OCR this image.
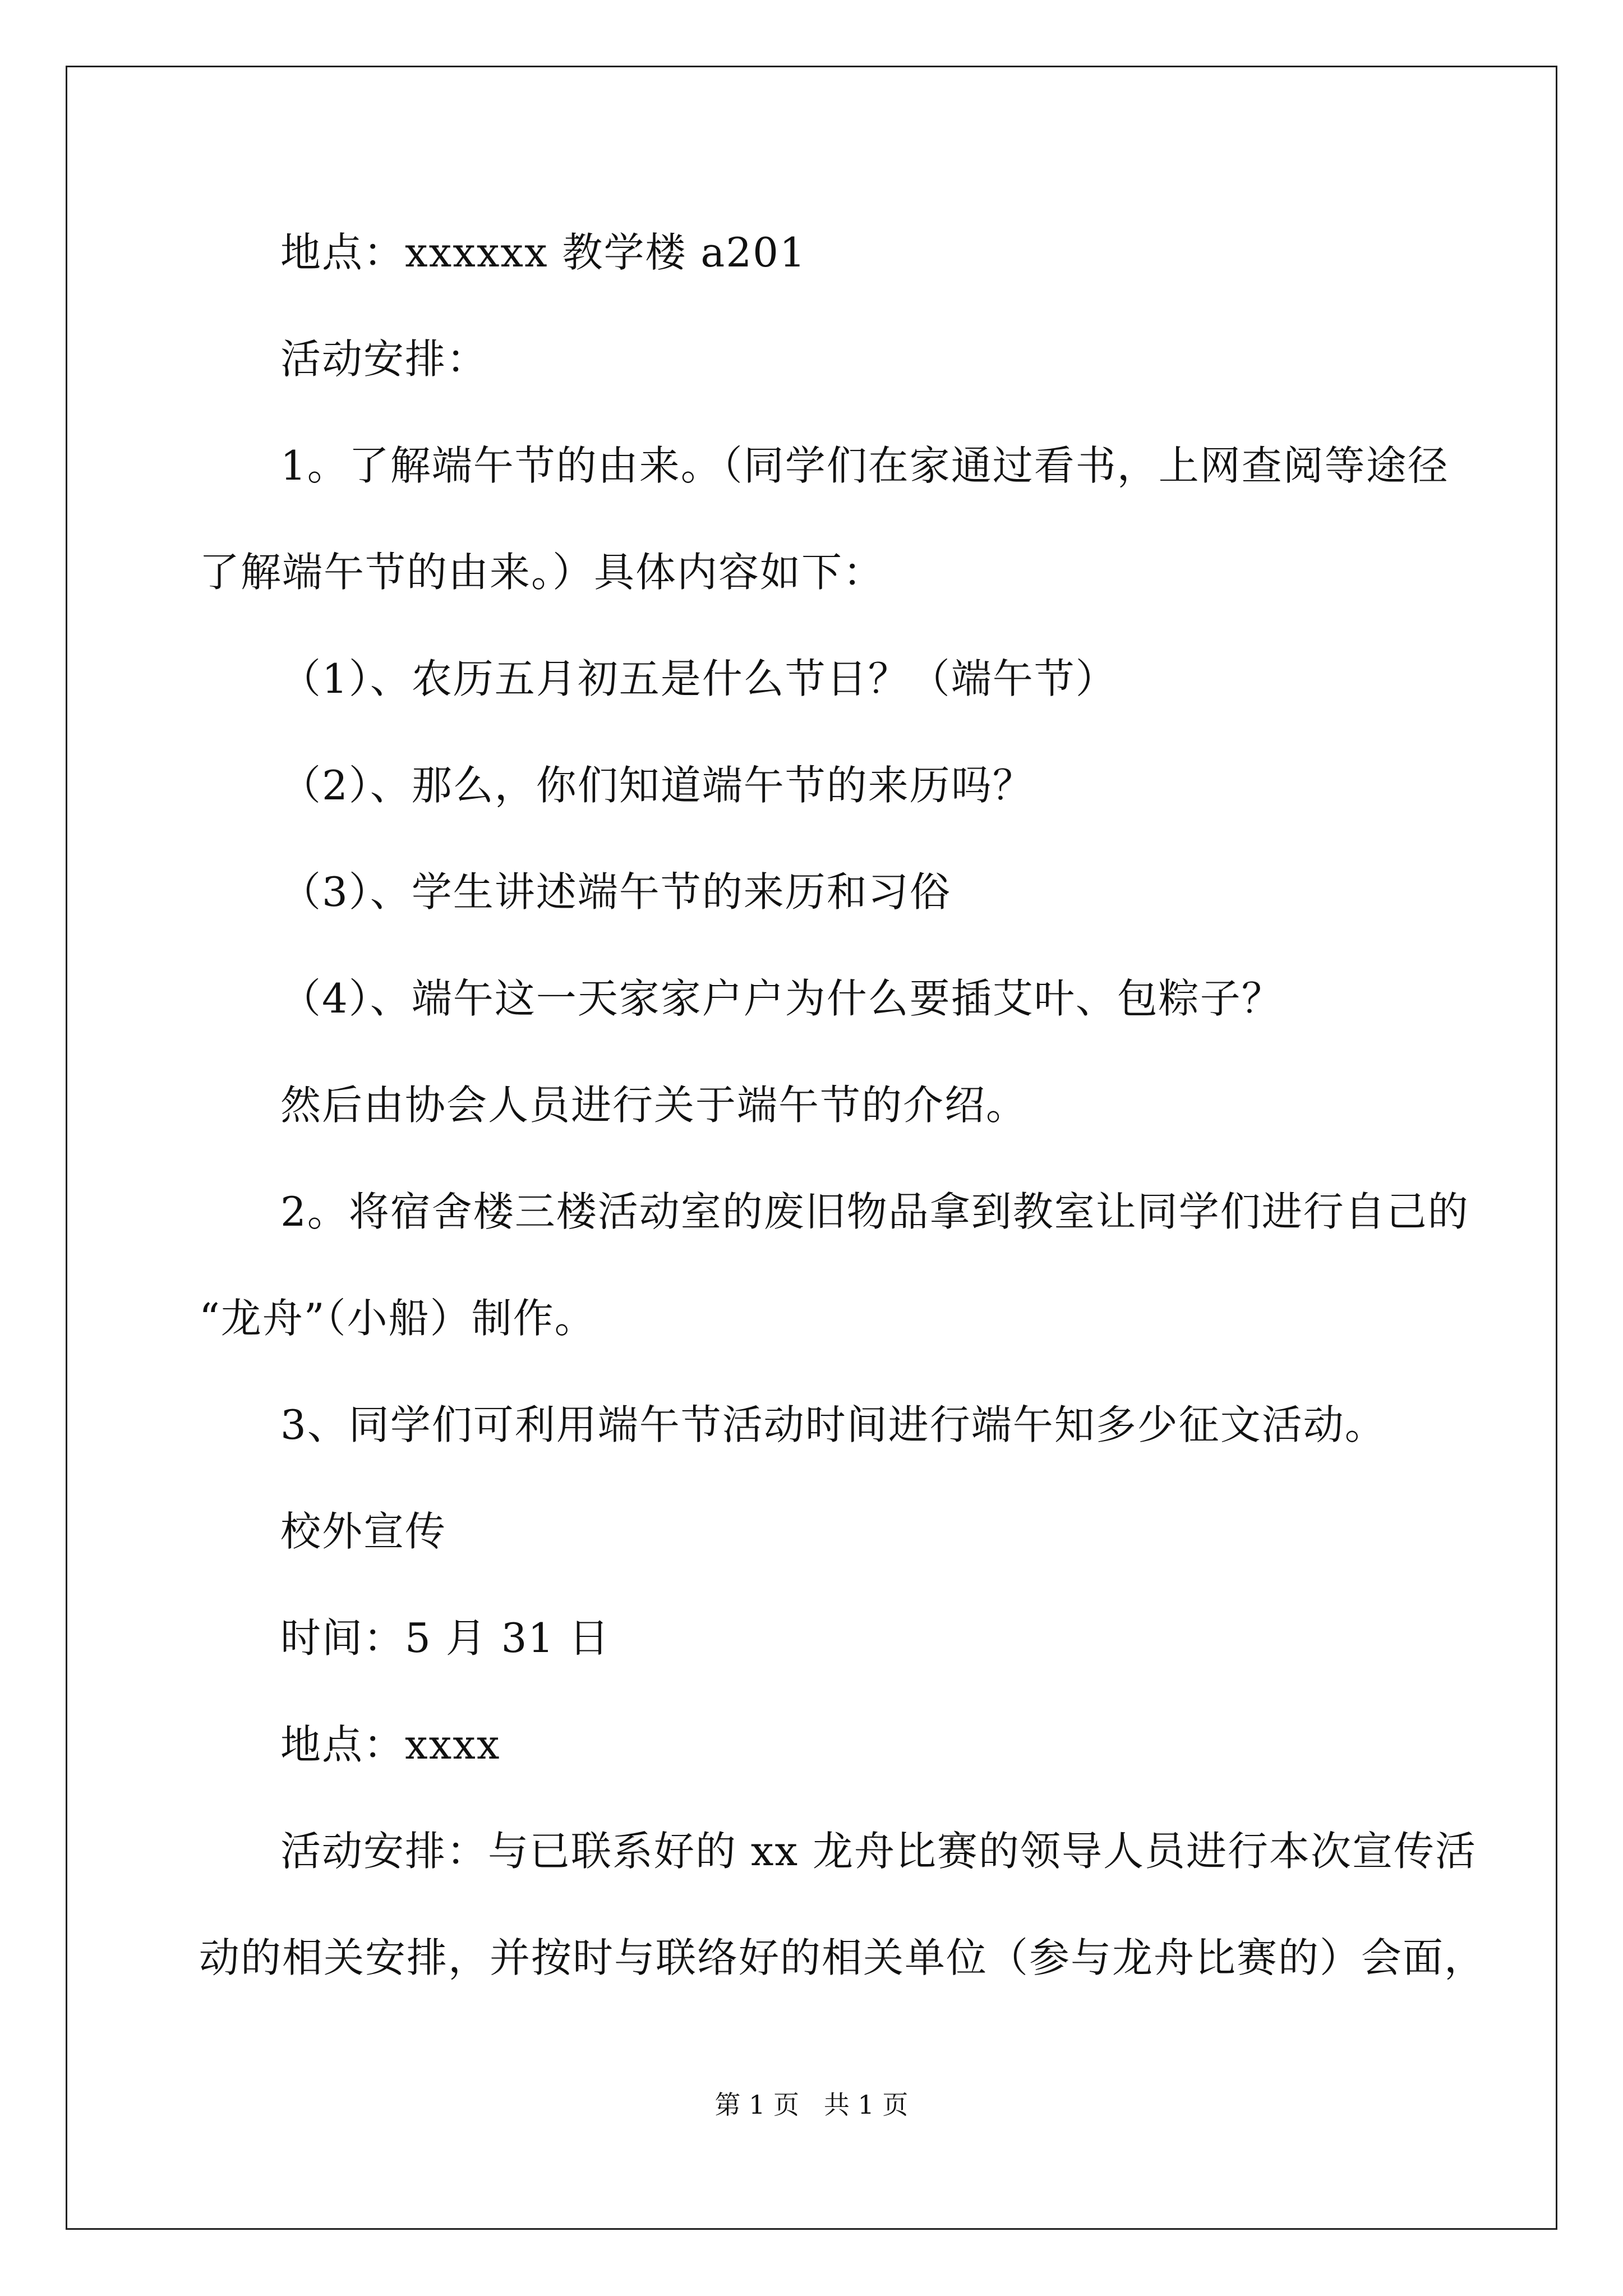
地点：xxxxxx 教学楼 a201
活动安排：
1。了解端午节的由来。（同学们在家通过看书，上网查阅等途径
了解端午节的由来。）具体内容如下：
（1）、农历五月初五是什么节日？（端午节）
（2）、那么，你们知道端午节的来历吗？
（3）、学生讲述端午节的来历和习俗
（4）、端午这一天家家户户为什么要插艾叶、包粽子？
然后由协会人员进行关于端午节的介绍。
2。将宿舍楼三楼活动室的废旧物品拿到教室让同学们进行自己的
“龙舟”（小船）制作。
3、同学们可利用端午节活动时间进行端午知多少征文活动。
校外宣传
时间：5 月 31 日
地点：xxxx
活动安排：与已联系好的 xx 龙舟比赛的领导人员进行本次宣传活
动的相关安排，并按时与联络好的相关单位（参与龙舟比赛的）会面，
第 1 页   共 1 页
